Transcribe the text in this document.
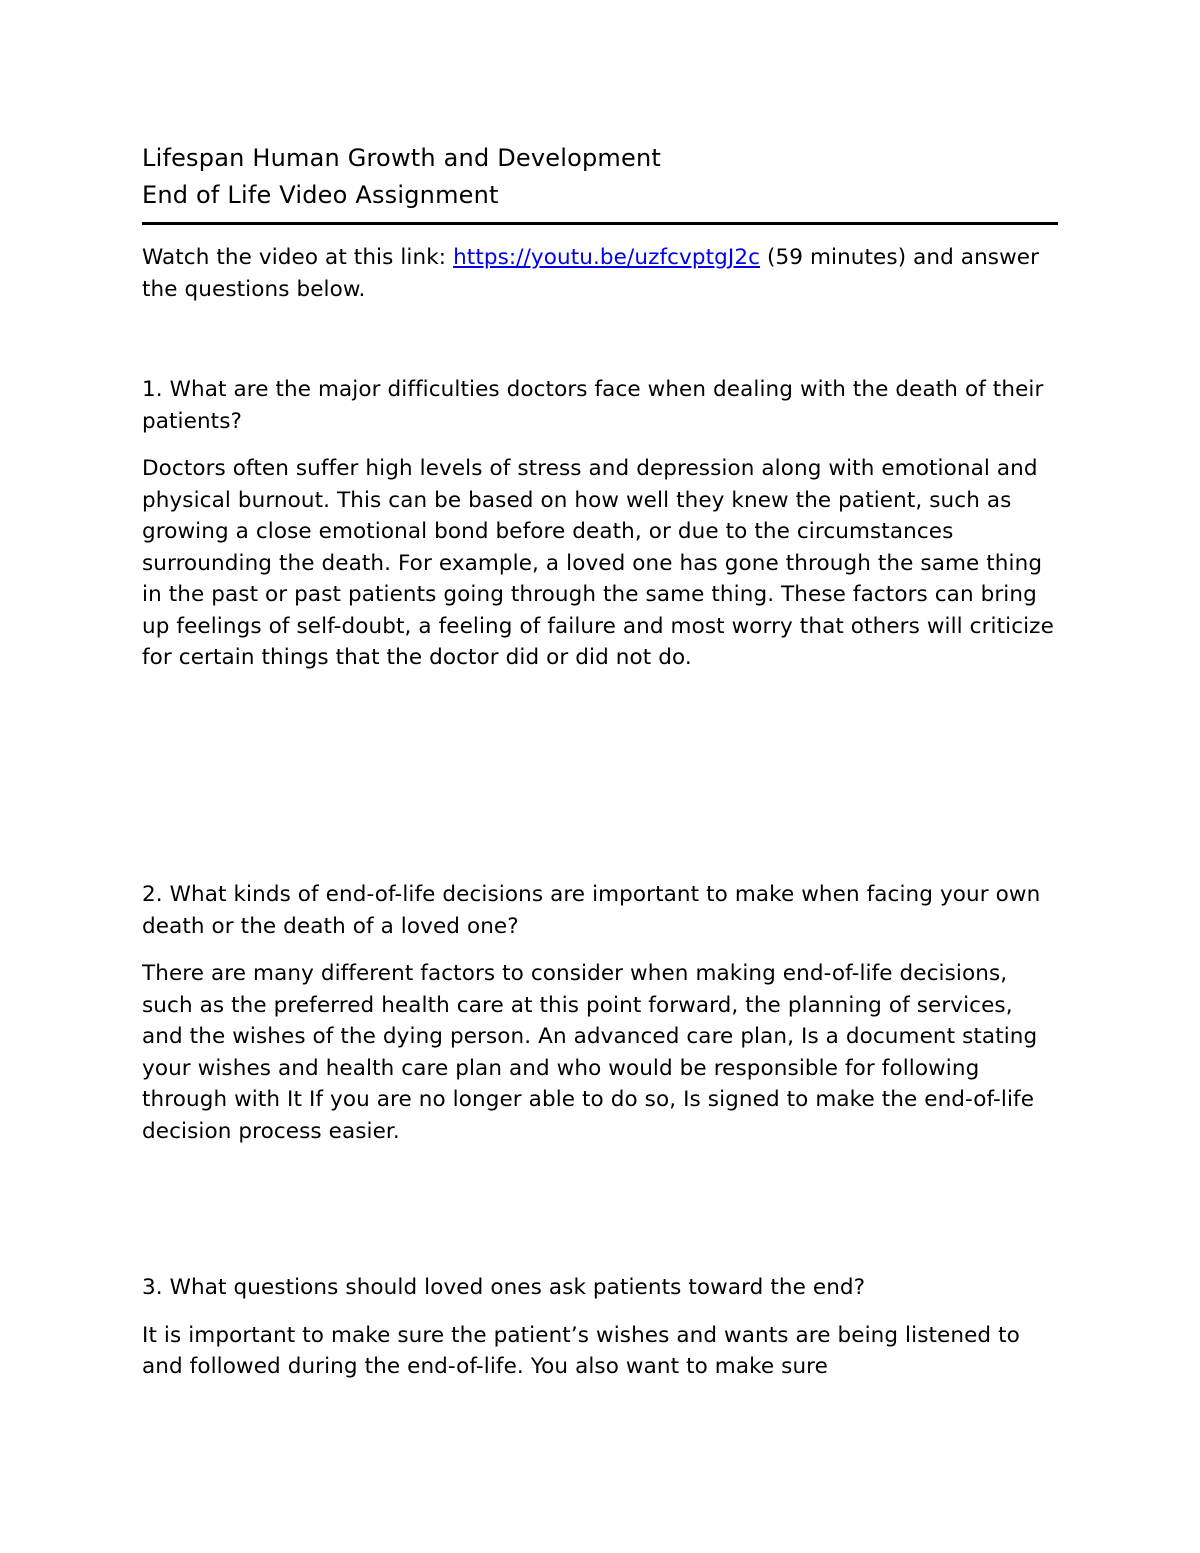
Lifespan Human Growth and Development
End of Life Video Assignment
Watch the video at this link: https://youtu.be/uzfcvptgJ2c (59 minutes) and answer the questions below.

1. What are the major difficulties doctors face when dealing with the death of their patients?

Doctors often suffer high levels of stress and depression along with emotional and physical burnout. This can be based on how well they knew the patient, such as growing a close emotional bond before death, or due to the circumstances surrounding the death. For example, a loved one has gone through the same thing in the past or past patients going through the same thing. These factors can bring up feelings of self-doubt, a feeling of failure and most worry that others will criticize for certain things that the doctor did or did not do.

2. What kinds of end-of-life decisions are important to make when facing your own death or the death of a loved one?

There are many different factors to consider when making end-of-life decisions, such as the preferred health care at this point forward, the planning of services, and the wishes of the dying person. An advanced care plan, Is a document stating your wishes and health care plan and who would be responsible for following through with It If you are no longer able to do so, Is signed to make the end-of-life decision process easier.

3. What questions should loved ones ask patients toward the end?

It is important to make sure the patient’s wishes and wants are being listened to and followed during the end-of-life. You also want to make sure
